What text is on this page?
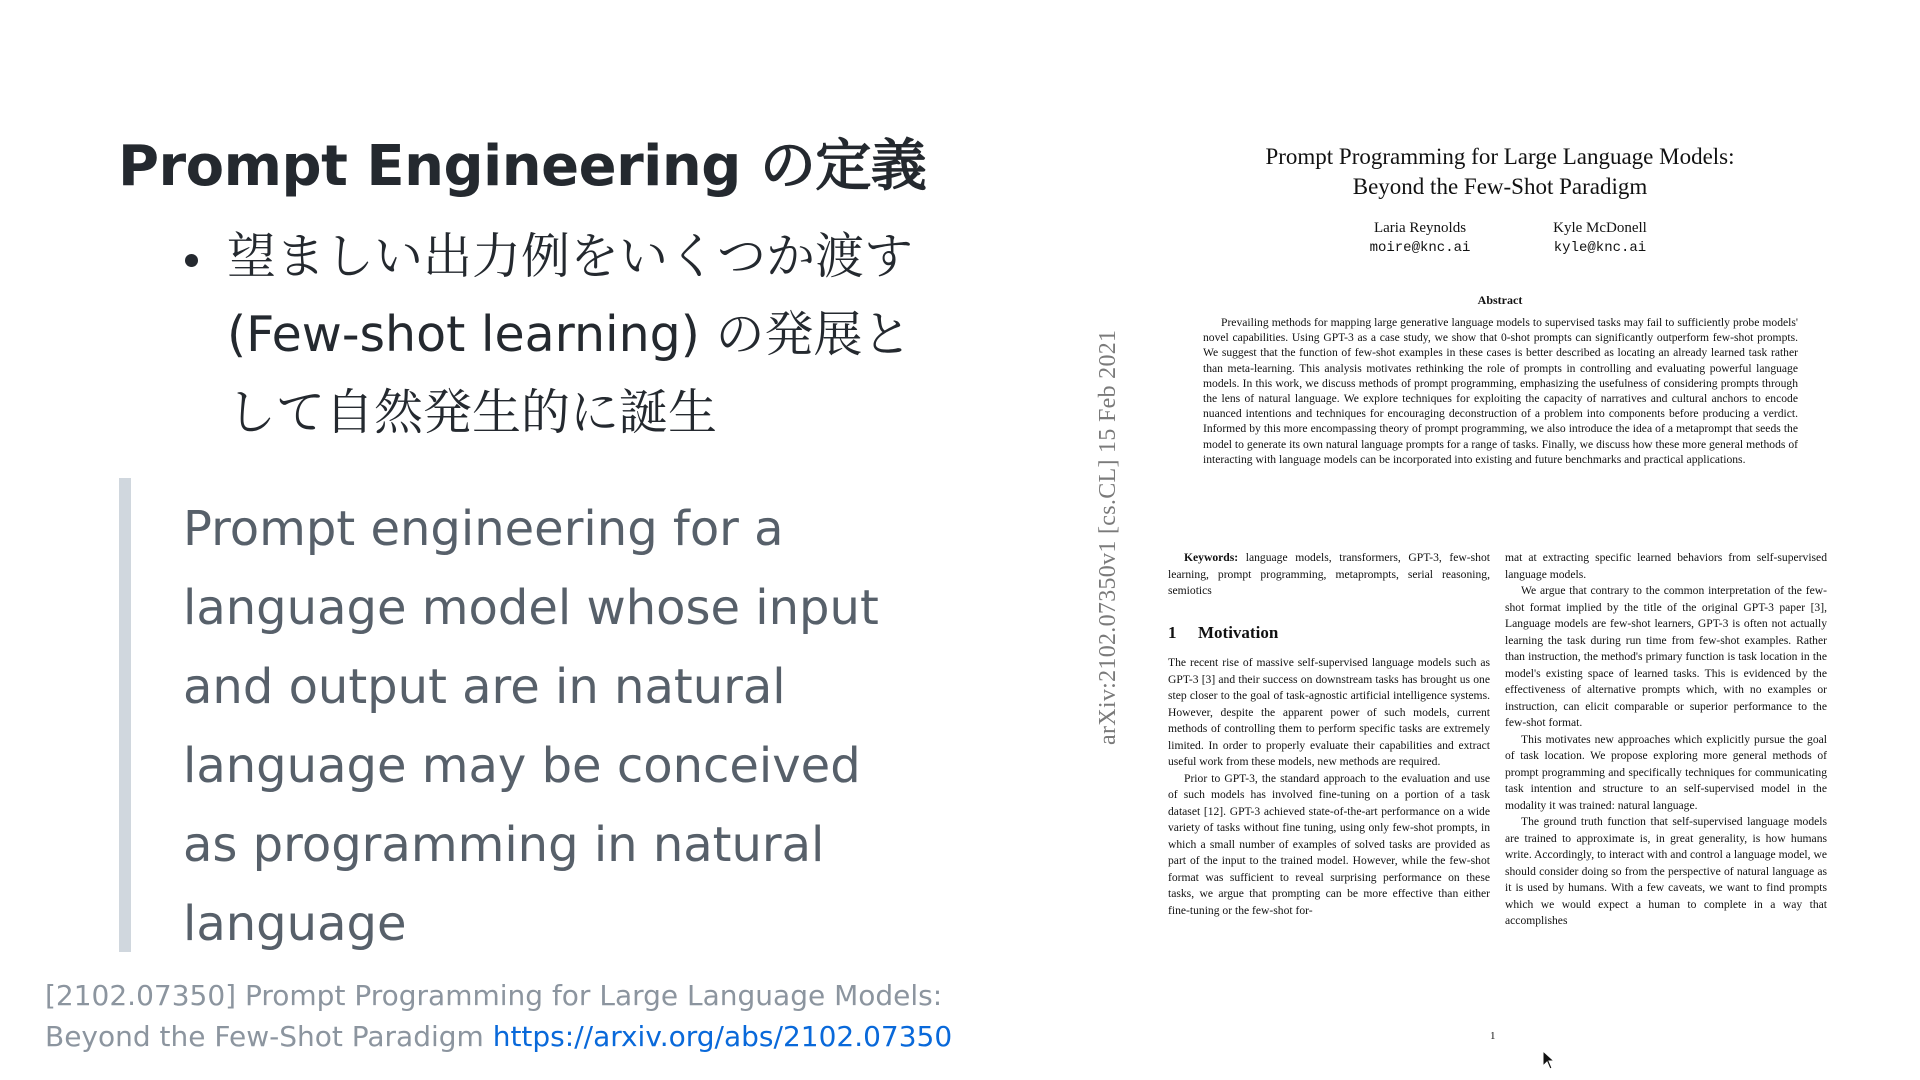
Prompt Engineering の定義
望ましい出力例をいくつか渡す (Few-shot learning) の発展として自然発生的に誕生

Prompt engineering for a language model whose input and output are in natural language may be conceived as programming in natural language

[2102.07350] Prompt Programming for Large Language Models: Beyond the Few-Shot Paradigm https://arxiv.org/abs/2102.07350
arXiv:2102.07350v1 [cs.CL] 15 Feb 2021
Prompt Programming for Large Language Models: Beyond the Few-Shot Paradigm
Laria Reynolds
moire@knc.ai
Kyle McDonell
kyle@knc.ai
Abstract

Prevailing methods for mapping large generative language models to supervised tasks may fail to sufficiently probe models' novel capabilities. Using GPT-3 as a case study, we show that 0-shot prompts can significantly outperform few-shot prompts. We suggest that the function of few-shot examples in these cases is better described as locating an already learned task rather than meta-learning. This analysis motivates rethinking the role of prompts in controlling and evaluating powerful language models. In this work, we discuss methods of prompt programming, emphasizing the usefulness of considering prompts through the lens of natural language. We explore techniques for exploiting the capacity of narratives and cultural anchors to encode nuanced intentions and techniques for encouraging deconstruction of a problem into components before producing a verdict. Informed by this more encompassing theory of prompt programming, we also introduce the idea of a metaprompt that seeds the model to generate its own natural language prompts for a range of tasks. Finally, we discuss how these more general methods of interacting with language models can be incorporated into existing and future benchmarks and practical applications.

Keywords: language models, transformers, GPT-3, few-shot learning, prompt programming, metaprompts, serial reasoning, semiotics

1 Motivation

The recent rise of massive self-supervised language models such as GPT-3 [3] and their success on downstream tasks has brought us one step closer to the goal of task-agnostic artificial intelligence systems. However, despite the apparent power of such models, current methods of controlling them to perform specific tasks are extremely limited. In order to properly evaluate their capabilities and extract useful work from these models, new methods are required.

Prior to GPT-3, the standard approach to the evaluation and use of such models has involved fine-tuning on a portion of a task dataset [12]. GPT-3 achieved state-of-the-art performance on a wide variety of tasks without fine tuning, using only few-shot prompts, in which a small number of examples of solved tasks are provided as part of the input to the trained model. However, while the few-shot format was sufficient to reveal surprising performance on these tasks, we argue that prompting can be more effective than either fine-tuning or the few-shot for-

mat at extracting specific learned behaviors from self-supervised language models.

We argue that contrary to the common interpretation of the few-shot format implied by the title of the original GPT-3 paper [3], Language models are few-shot learners, GPT-3 is often not actually learning the task during run time from few-shot examples. Rather than instruction, the method's primary function is task location in the model's existing space of learned tasks. This is evidenced by the effectiveness of alternative prompts which, with no examples or instruction, can elicit comparable or superior performance to the few-shot format.

This motivates new approaches which explicitly pursue the goal of task location. We propose exploring more general methods of prompt programming and specifically techniques for communicating task intention and structure to an self-supervised model in the modality it was trained: natural language.

The ground truth function that self-supervised language models are trained to approximate is, in great generality, is how humans write. Accordingly, to interact with and control a language model, we should consider doing so from the perspective of natural language as it is used by humans. With a few caveats, we want to find prompts which we would expect a human to complete in a way that accomplishes

1
